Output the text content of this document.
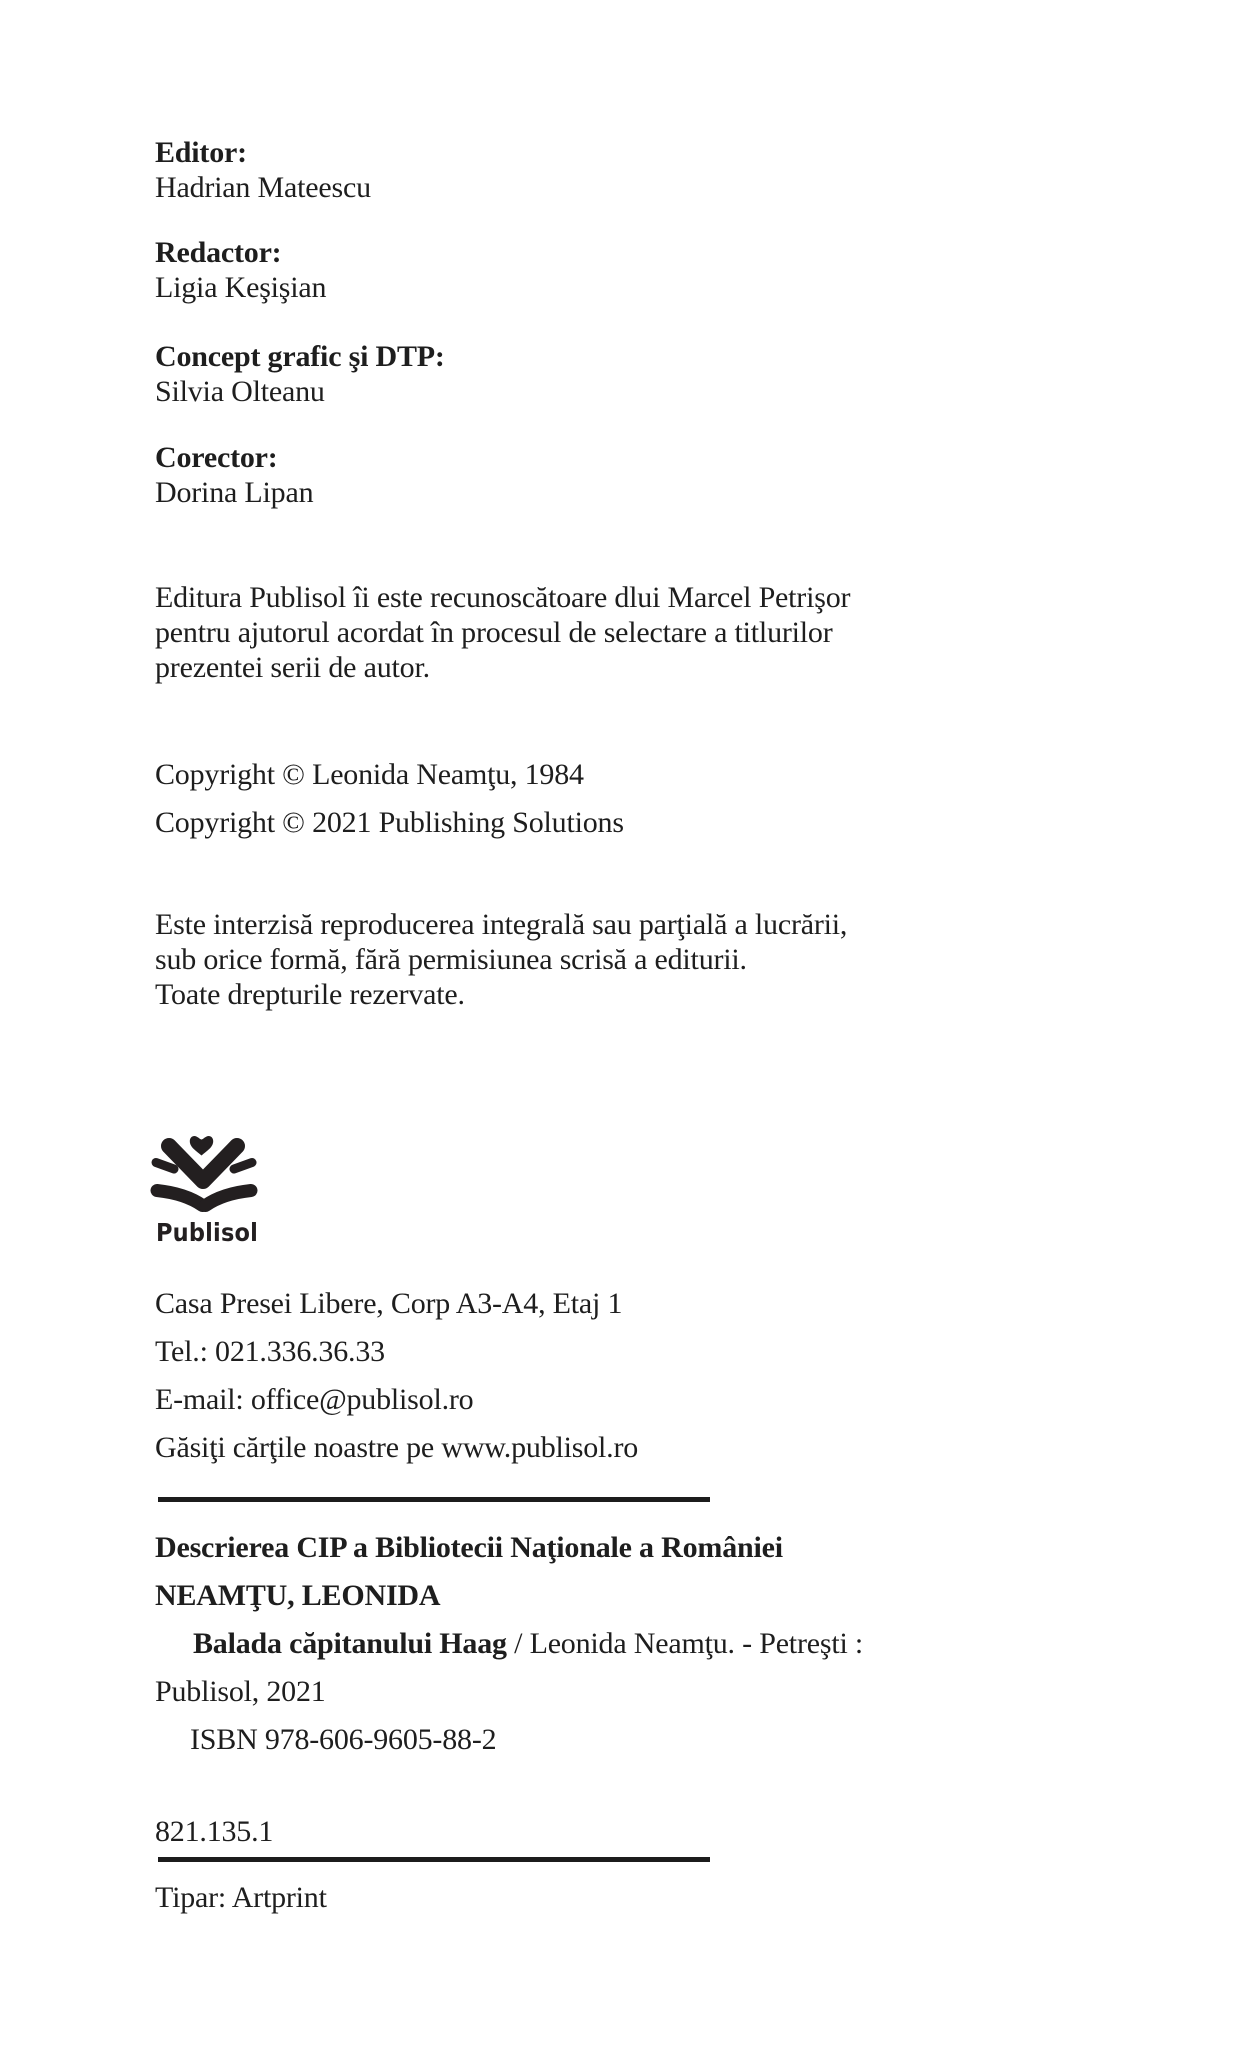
Editor:
Hadrian Mateescu
Redactor:
Ligia Keşişian
Concept grafic şi DTP:
Silvia Olteanu
Corector:
Dorina Lipan
Editura Publisol îi este recunoscătoare dlui Marcel Petrişor
pentru ajutorul acordat în procesul de selectare a titlurilor
prezentei serii de autor.
Copyright © Leonida Neamţu, 1984
Copyright © 2021 Publishing Solutions
Este interzisă reproducerea integrală sau parţială a lucrării,
sub orice formă, fără permisiunea scrisă a editurii.
Toate drepturile rezervate.
Publisol
Casa Presei Libere, Corp A3-A4, Etaj 1
Tel.: 021.336.36.33
E-mail: office@publisol.ro
Găsiţi cărţile noastre pe www.publisol.ro
Descrierea CIP a Bibliotecii Naţionale a României
NEAMŢU, LEONIDA
Balada căpitanului Haag / Leonida Neamţu. - Petreşti :
Publisol, 2021
ISBN 978-606-9605-88-2
821.135.1
Tipar: Artprint
